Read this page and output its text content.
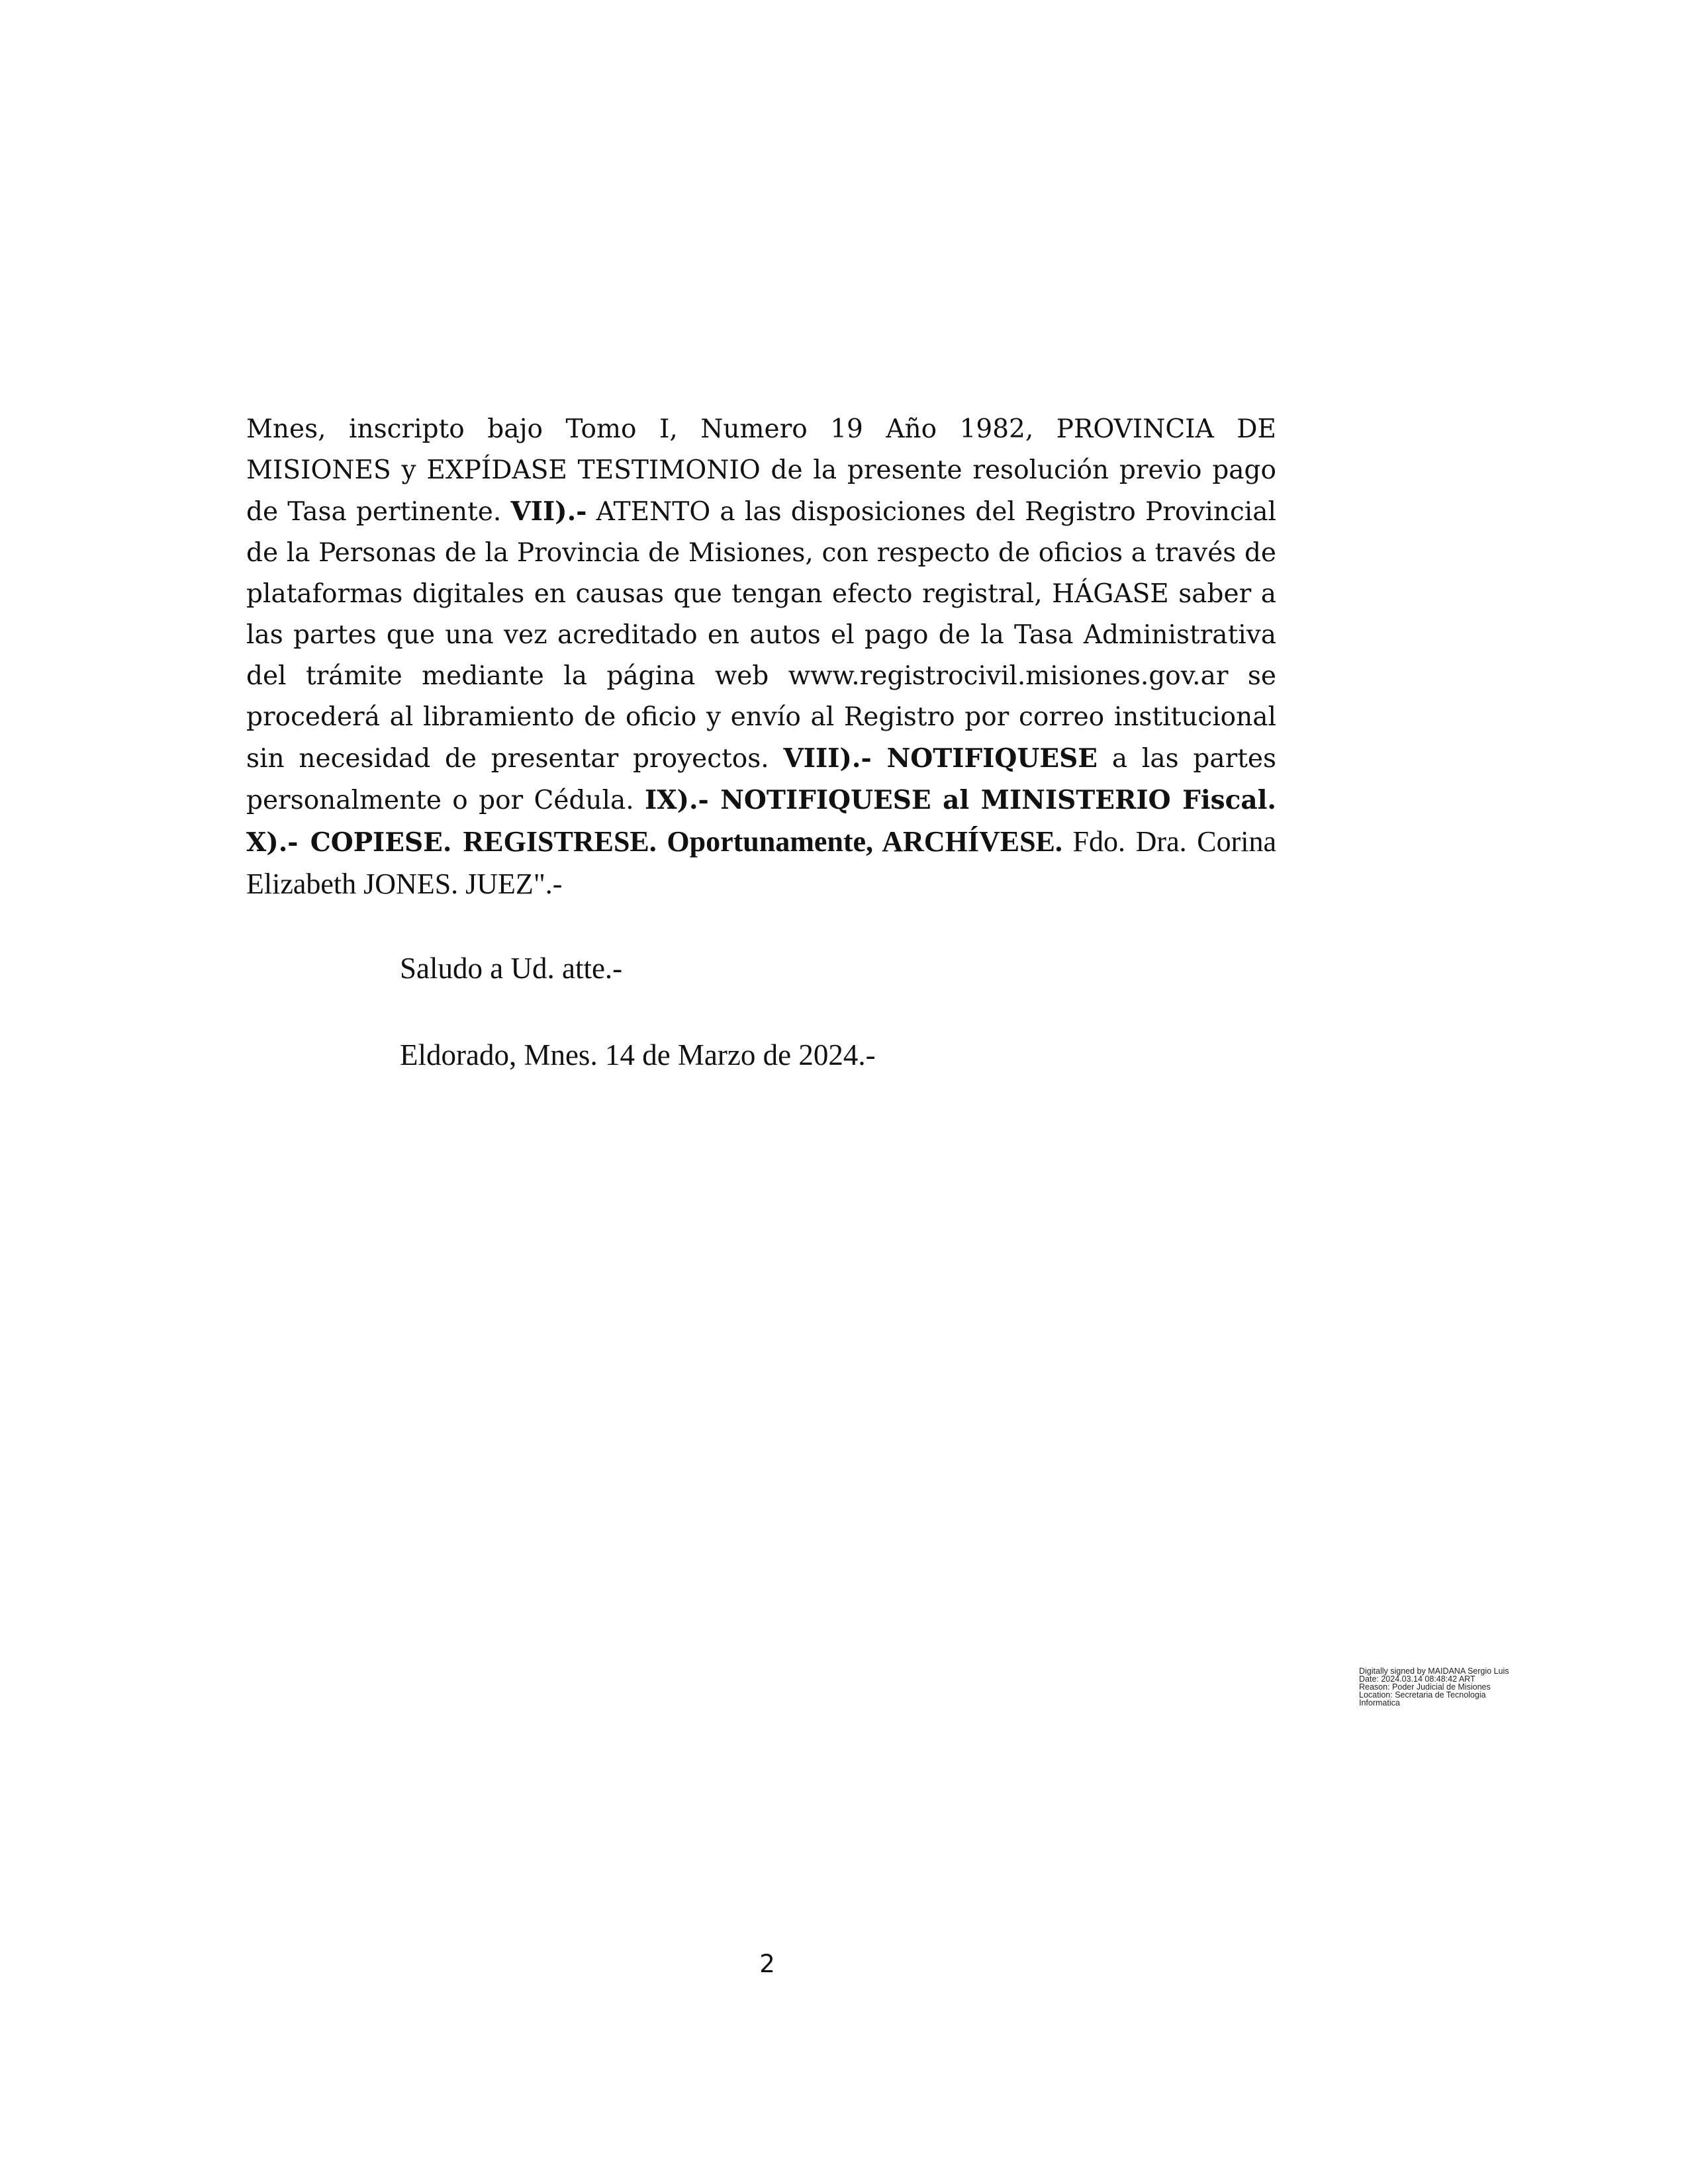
Mnes, inscripto bajo Tomo I, Numero 19 Año 1982, PROVINCIA DE MISIONES y EXPÍDASE TESTIMONIO de la presente resolución previo pago de Tasa pertinente. VII).- ATENTO a las disposiciones del Registro Provincial de la Personas de la Provincia de Misiones, con respecto de oficios a través de plataformas digitales en causas que tengan efecto registral, HÁGASE saber a las partes que una vez acreditado en autos el pago de la Tasa Administrativa del trámite mediante la página web www.registrocivil.misiones.gov.ar se procederá al libramiento de oficio y envío al Registro por correo institucional sin necesidad de presentar proyectos. VIII).- NOTIFIQUESE a las partes personalmente o por Cédula. IX).- NOTIFIQUESE al MINISTERIO Fiscal. X).- COPIESE. REGISTRESE. Oportunamente, ARCHÍVESE. Fdo. Dra. Corina Elizabeth JONES. JUEZ".-

Saludo a Ud. atte.-

Eldorado, Mnes. 14 de Marzo de 2024.-

Digitally signed by MAIDANA Sergio Luis
Date: 2024.03.14 08:48:42 ART
Reason: Poder Judicial de Misiones
Location: Secretaria de Tecnologia
Informatica
2
